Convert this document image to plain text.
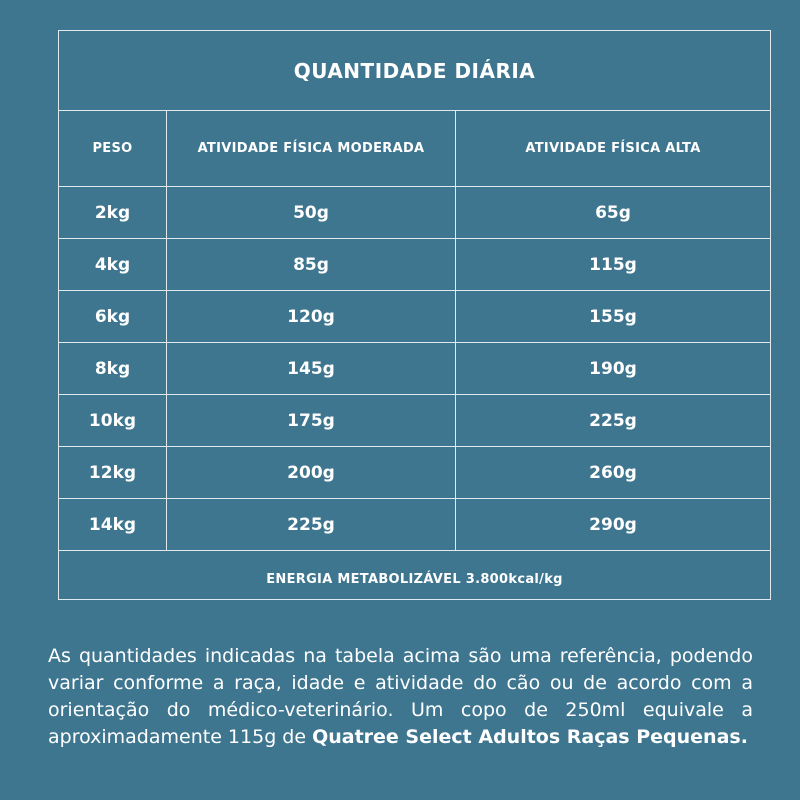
QUANTIDADE DIÁRIA
PESO	ATIVIDADE FÍSICA MODERADA	ATIVIDADE FÍSICA ALTA
2kg	50g	65g
4kg	85g	115g
6kg	120g	155g
8kg	145g	190g
10kg	175g	225g
12kg	200g	260g
14kg	225g	290g
ENERGIA METABOLIZÁVEL 3.800kcal/kg

As quantidades indicadas na tabela acima são uma referência, podendo variar conforme a raça, idade e atividade do cão ou de acordo com a orientação do médico-veterinário. Um copo de 250ml equivale a aproximadamente 115g de Quatree Select Adultos Raças Pequenas.
